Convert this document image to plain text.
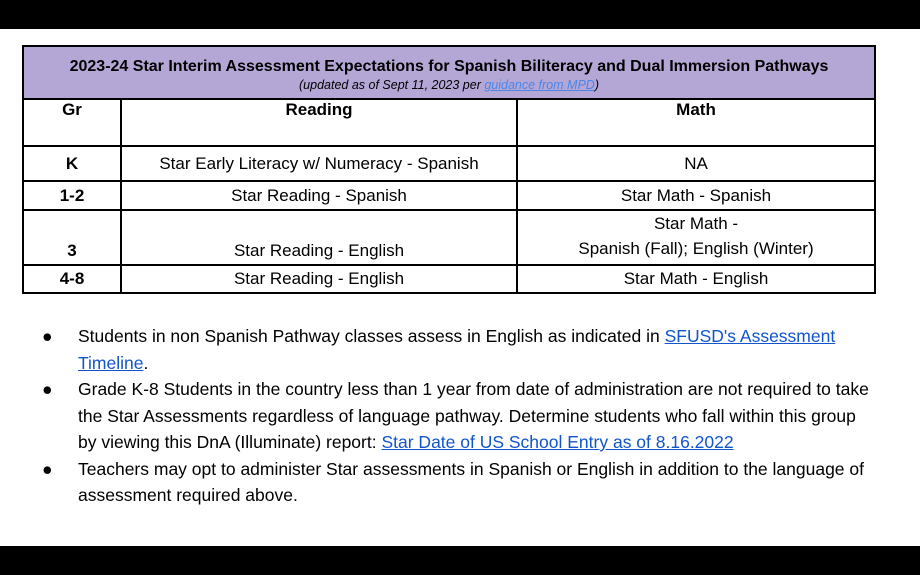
2023-24 Star Interim Assessment Expectations for Spanish Biliteracy and Dual Immersion Pathways
(updated as of Sept 11, 2023 per guidance from MPD)		

Gr	Reading	Math
K	Star Early Literacy w/ Numeracy - Spanish	NA
1-2	Star Reading - Spanish	Star Math - Spanish
3	Star Reading - English	Star Math -
Spanish (Fall); English (Winter)

4-8	Star Reading - English	Star Math - English
● Students in non Spanish Pathway classes assess in English as indicated in SFUSD's Assessment Timeline.
● Grade K-8 Students in the country less than 1 year from date of administration are not required to take the Star Assessments regardless of language pathway. Determine students who fall within this group by viewing this DnA (Illuminate) report: Star Date of US School Entry as of 8.16.2022
● Teachers may opt to administer Star assessments in Spanish or English in addition to the language of assessment required above.
